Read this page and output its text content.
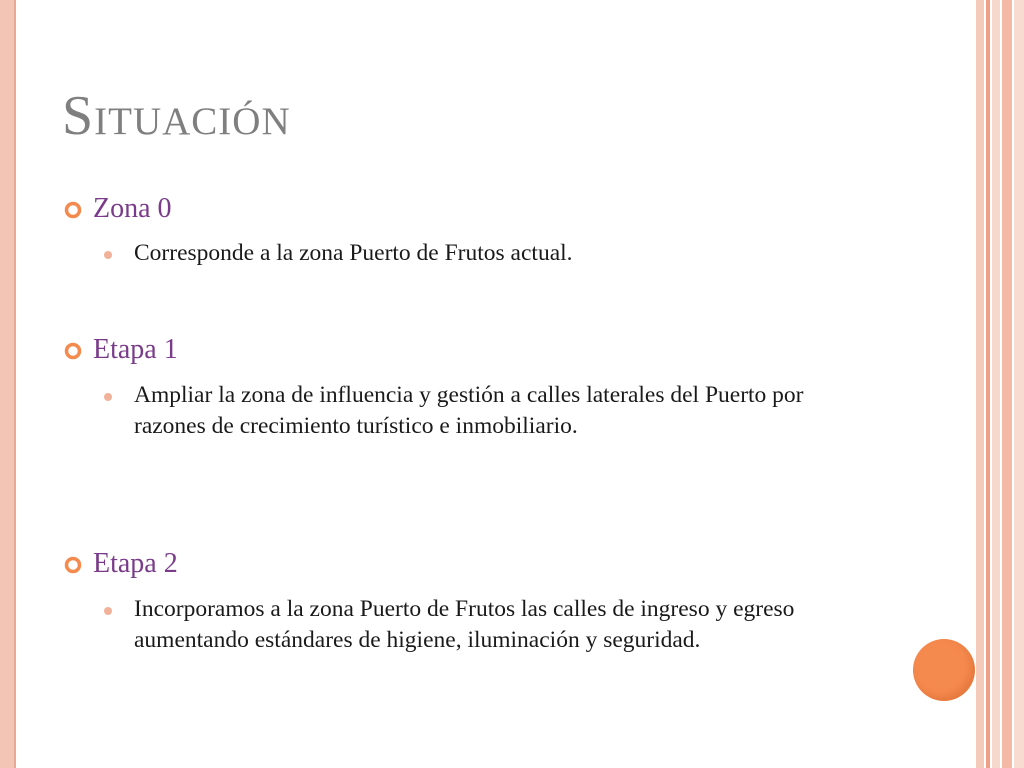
Situación
Zona 0
Corresponde a la zona Puerto de Frutos actual.
Etapa 1
Ampliar la zona de influencia y gestión a calles laterales del Puerto por razones de crecimiento turístico e inmobiliario.
Etapa 2
Incorporamos a la zona Puerto de Frutos las calles de ingreso y egreso aumentando estándares de higiene, iluminación y seguridad.
